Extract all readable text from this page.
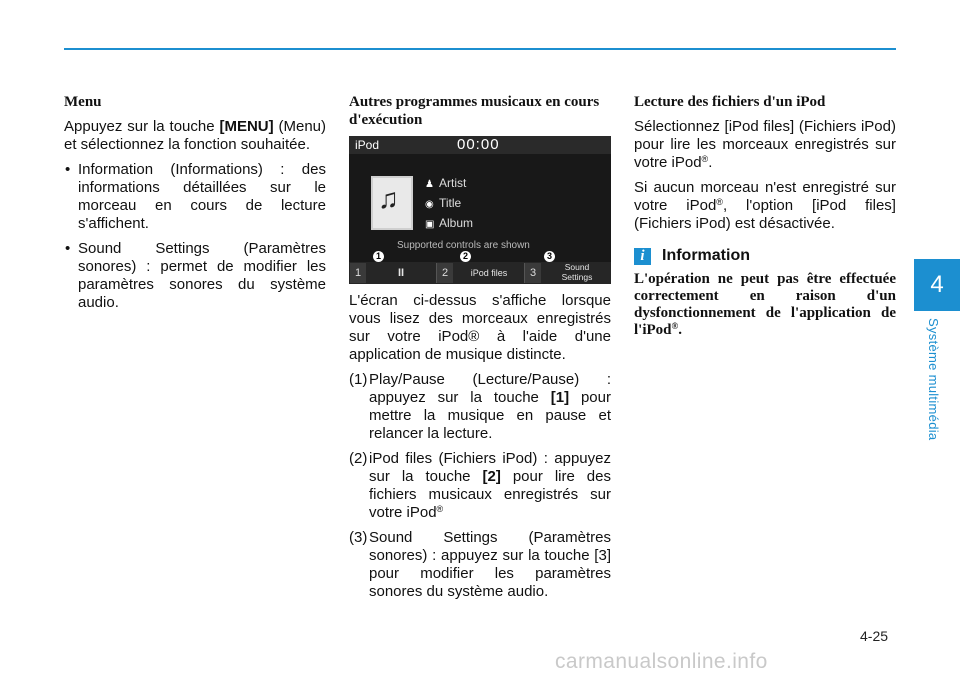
Menu

Appuyez sur la touche [MENU] (Menu) et sélectionnez la fonction souhaitée.

• Information (Informations) : des informations détaillées sur le morceau en cours de lecture s'affichent.

• Sound Settings (Paramètres sonores) : permet de modifier les paramètres sonores du système audio.

Autres programmes musicaux en cours d'exécution

iPod	00:00
♫	♟ Artist
◉ Title
▣ Album
Supported controls are shown
1	2	3
1	II	2	iPod files	3	Sound
Settings

L'écran ci-dessus s'affiche lorsque vous lisez des morceaux enregistrés sur votre iPod® à l'aide d'une application de musique distincte.

(1) Play/Pause (Lecture/Pause) : appuyez sur la touche [1] pour mettre la musique en pause et relancer la lecture.

(2) iPod files (Fichiers iPod) : appuyez sur la touche [2] pour lire des fichiers musicaux enregistrés sur votre iPod®

(3) Sound Settings (Paramètres sonores) : appuyez sur la touche [3] pour modifier les paramètres sonores du système audio.

Lecture des fichiers d'un iPod

Sélectionnez [iPod files] (Fichiers iPod) pour lire les morceaux enregistrés sur votre iPod®.

Si aucun morceau n'est enregistré sur votre iPod®, l'option [iPod files] (Fichiers iPod) est désactivée.

i	Information

L'opération ne peut pas être effectuée correctement en raison d'un dysfonctionnement de l'application de l'iPod®.

4
Système multimédia
4-25
carmanualsonline.info
